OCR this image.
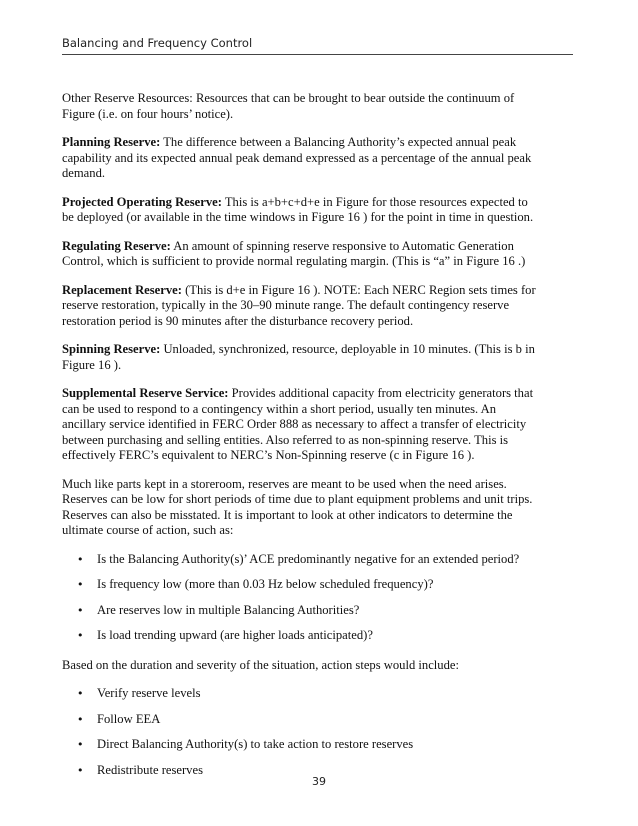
Balancing and Frequency Control

Other Reserve Resources: Resources that can be brought to bear outside the continuum of Figure (i.e. on four hours’ notice).

Planning Reserve: The difference between a Balancing Authority’s expected annual peak capability and its expected annual peak demand expressed as a percentage of the annual peak demand.

Projected Operating Reserve: This is a+b+c+d+e in Figure for those resources expected to be deployed (or available in the time windows in Figure 16 ) for the point in time in question.

Regulating Reserve: An amount of spinning reserve responsive to Automatic Generation Control, which is sufficient to provide normal regulating margin. (This is “a” in Figure 16 .)

Replacement Reserve: (This is d+e in Figure 16 ). NOTE: Each NERC Region sets times for reserve restoration, typically in the 30–90 minute range. The default contingency reserve restoration period is 90 minutes after the disturbance recovery period.

Spinning Reserve: Unloaded, synchronized, resource, deployable in 10 minutes. (This is b in Figure 16 ).

Supplemental Reserve Service: Provides additional capacity from electricity generators that can be used to respond to a contingency within a short period, usually ten minutes. An ancillary service identified in FERC Order 888 as necessary to affect a transfer of electricity between purchasing and selling entities. Also referred to as non-spinning reserve. This is effectively FERC’s equivalent to NERC’s Non-Spinning reserve (c in Figure 16 ).

Much like parts kept in a storeroom, reserves are meant to be used when the need arises. Reserves can be low for short periods of time due to plant equipment problems and unit trips. Reserves can also be misstated. It is important to look at other indicators to determine the ultimate course of action, such as:

• Is the Balancing Authority(s)’ ACE predominantly negative for an extended period?
• Is frequency low (more than 0.03 Hz below scheduled frequency)?
• Are reserves low in multiple Balancing Authorities?
• Is load trending upward (are higher loads anticipated)?

Based on the duration and severity of the situation, action steps would include:

• Verify reserve levels
• Follow EEA
• Direct Balancing Authority(s) to take action to restore reserves
• Redistribute reserves
39
